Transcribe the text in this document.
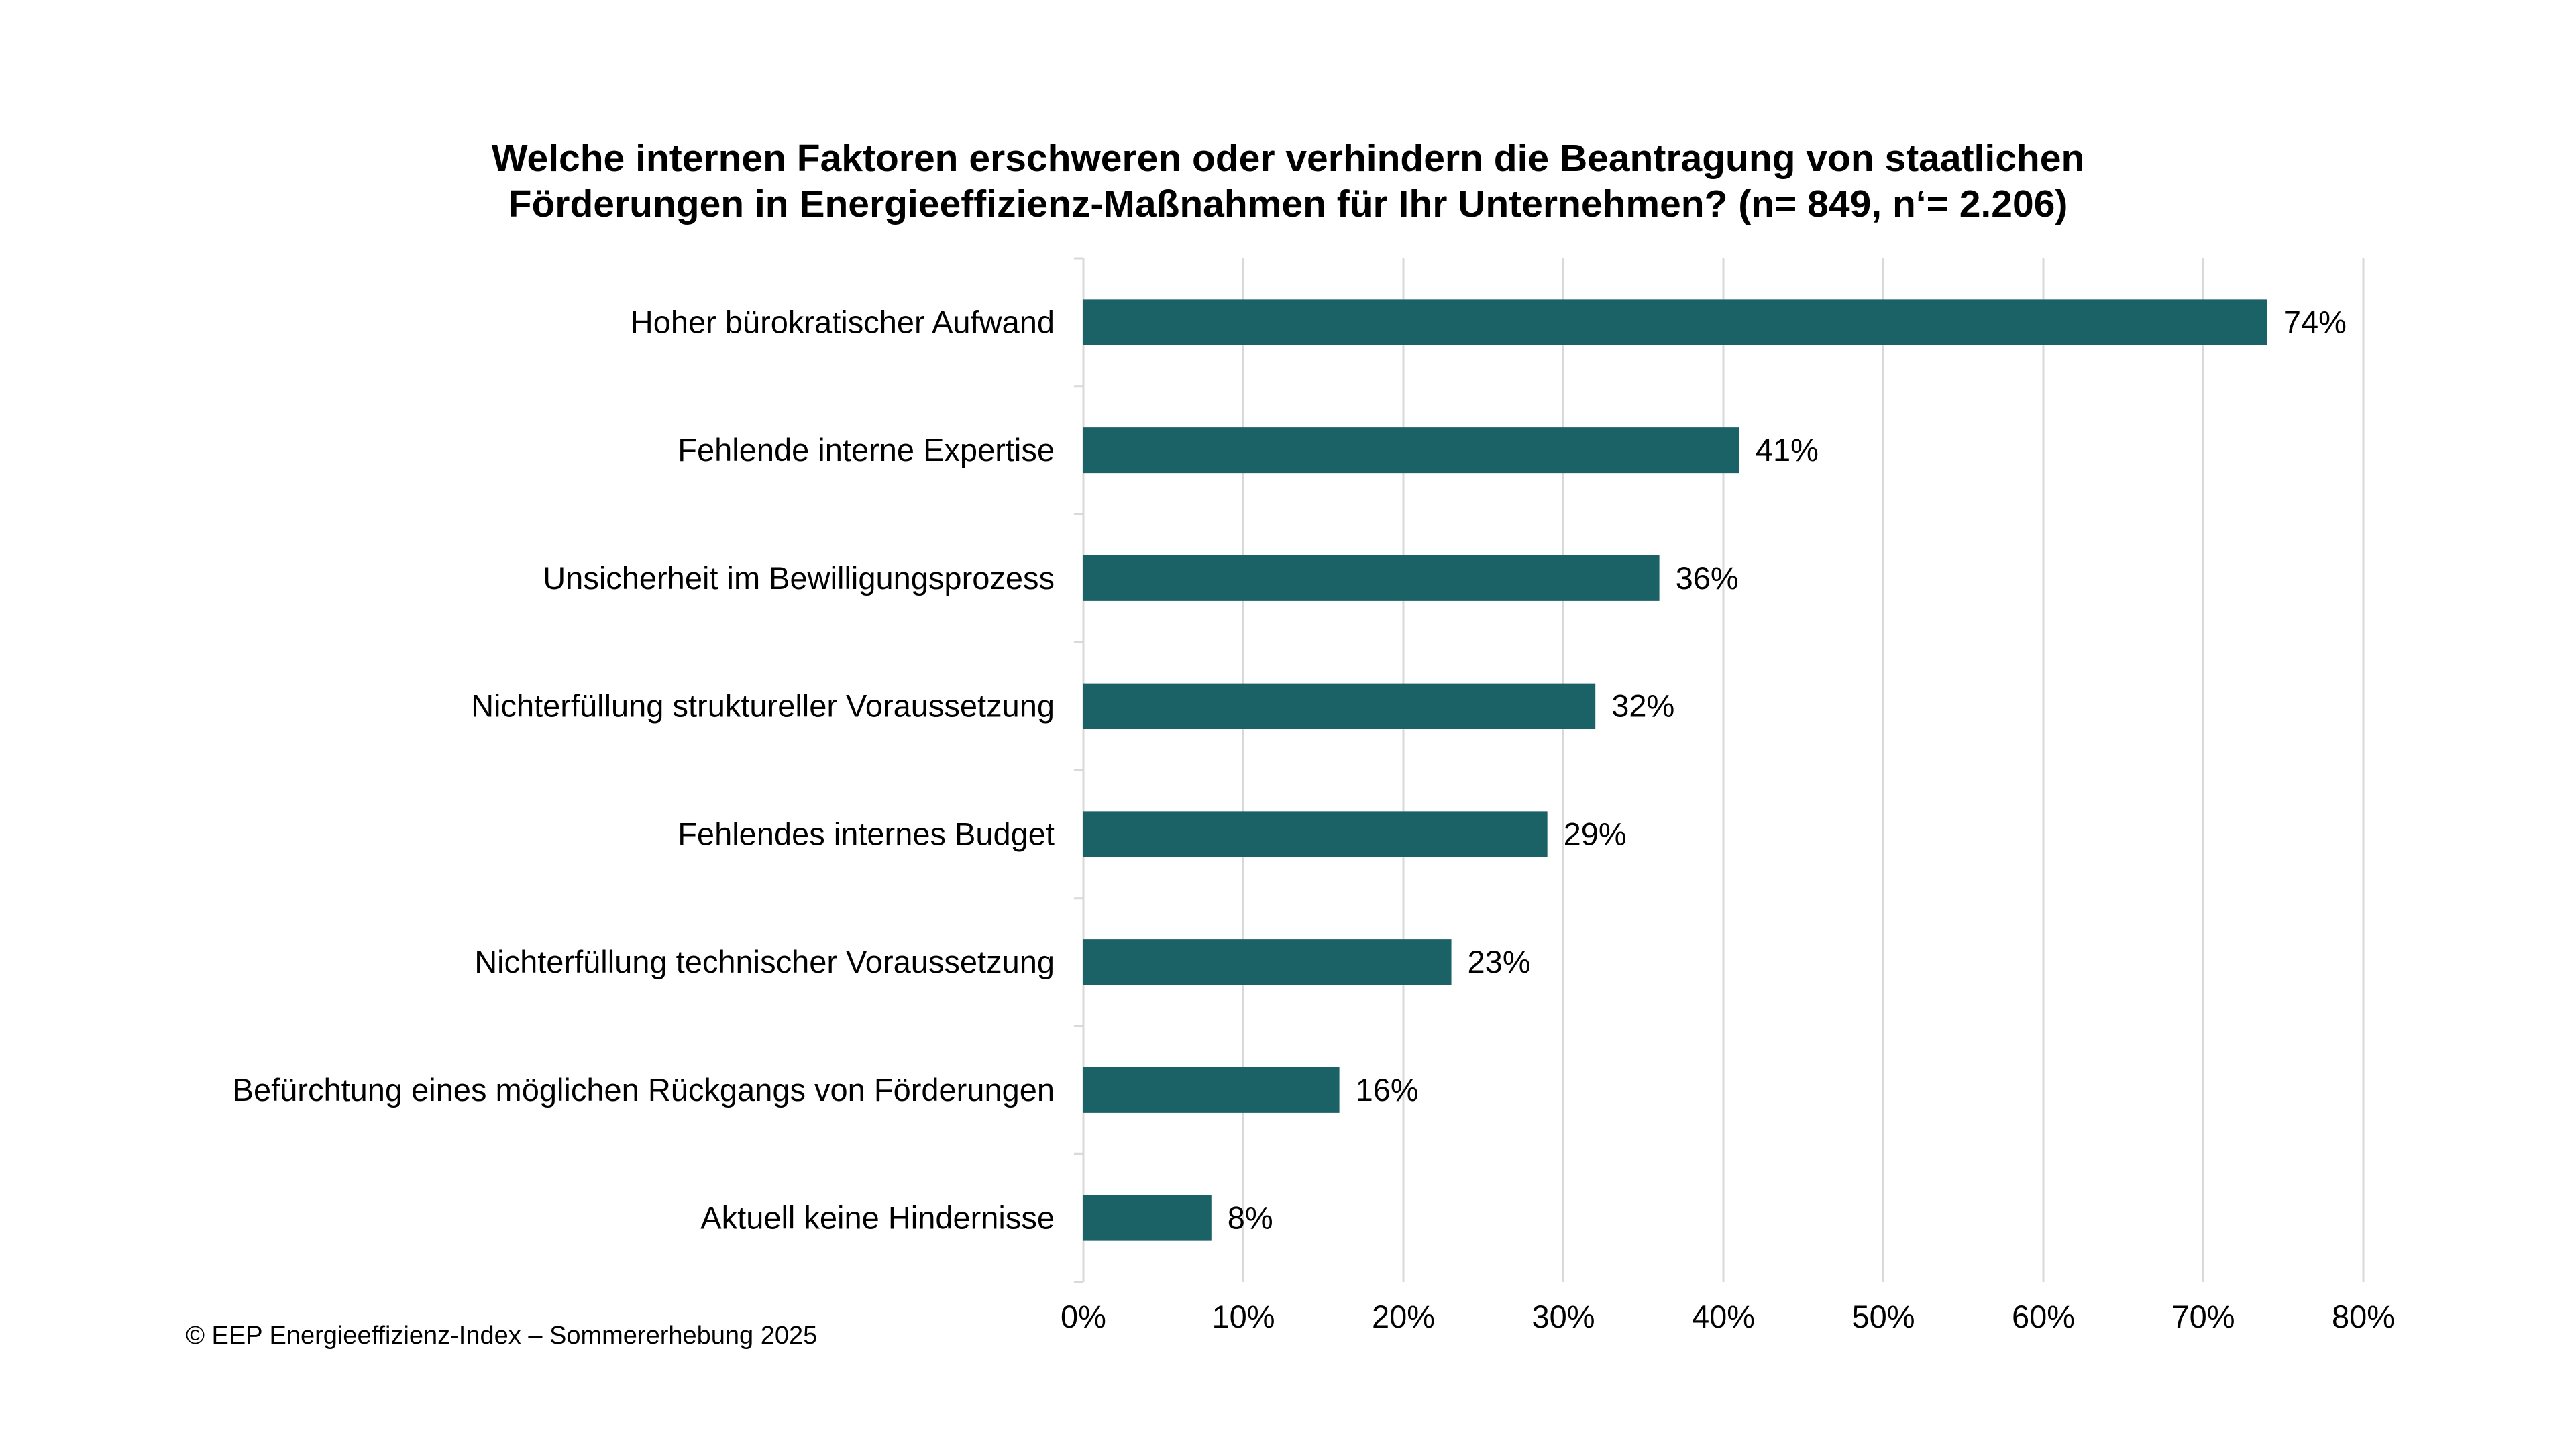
Welche internen Faktoren erschweren oder verhindern die Beantragung von staatlichen
Förderungen in Energieeffizienz-Maßnahmen für Ihr Unternehmen? (n= 849, n‘= 2.206)
Hoher bürokratischer Aufwand
Fehlende interne Expertise
Unsicherheit im Bewilligungsprozess
Nichterfüllung struktureller Voraussetzung
Fehlendes internes Budget
Nichterfüllung technischer Voraussetzung
Befürchtung eines möglichen Rückgangs von Förderungen
Aktuell keine Hindernisse
74%
41%
36%
32%
29%
23%
16%
8%
0%	10%	20%	30%	40%	50%	60%	70%	80%
© EEP Energieeffizienz-Index – Sommererhebung 2025
